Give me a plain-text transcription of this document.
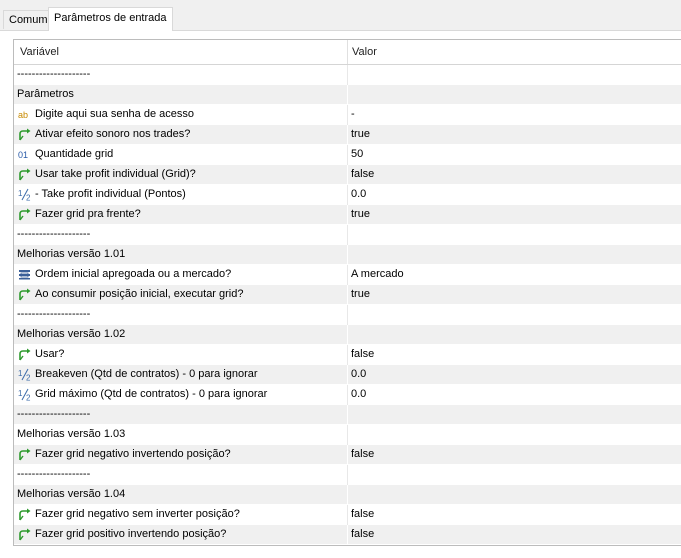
Comum Parâmetros de entrada
Variável	Valor
--------------------
Parâmetros
ab Digite aqui sua senha de acesso	-
Ativar efeito sonoro nos trades?	true
01 Quantidade grid	50
Usar take profit individual (Grid)?	false
1 2 - Take profit individual (Pontos)	0.0
Fazer grid pra frente?	true
--------------------
Melhorias versão 1.01
Ordem inicial apregoada ou a mercado?	A mercado
Ao consumir posição inicial, executar grid?	true
--------------------
Melhorias versão 1.02
Usar?	false
1 2 Breakeven (Qtd de contratos) - 0 para ignorar	0.0
1 2 Grid máximo (Qtd de contratos) - 0 para ignorar	0.0
--------------------
Melhorias versão 1.03
Fazer grid negativo invertendo posição?	false
--------------------
Melhorias versão 1.04
Fazer grid negativo sem inverter posição?	false
Fazer grid positivo invertendo posição?	false
